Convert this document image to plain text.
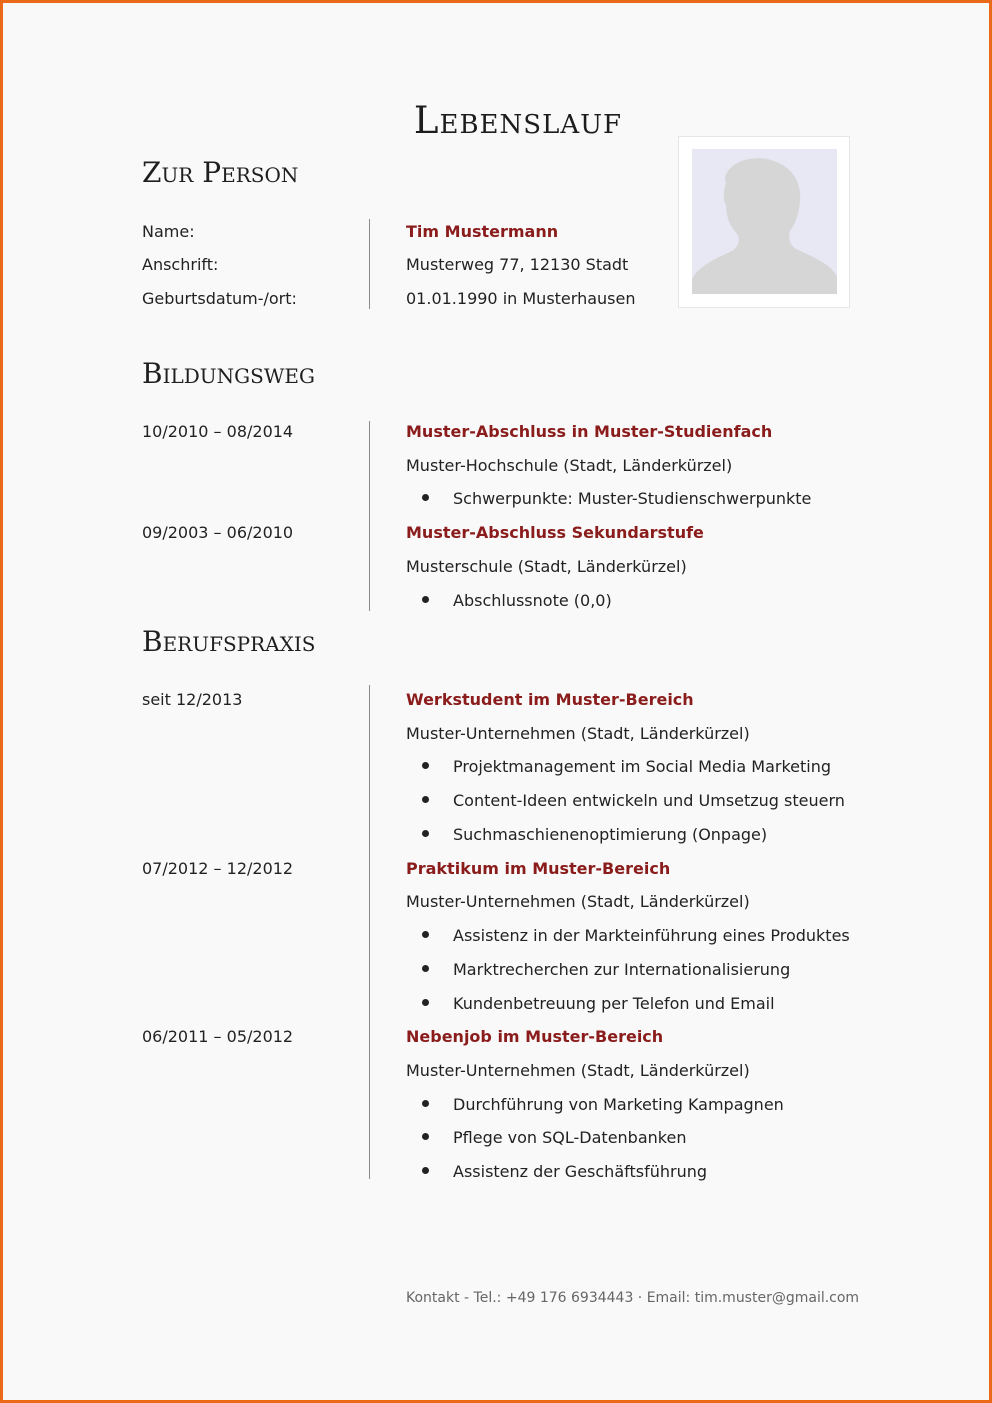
Lebenslauf
Zur Person
Name:	Tim Mustermann
Anschrift:	Musterweg 77, 12130 Stadt
Geburtsdatum-/ort:	01.01.1990 in Musterhausen
Bildungsweg
10/2010 – 08/2014	Muster-Abschluss in Muster-Studienfach
Muster-Hochschule (Stadt, Länderkürzel)
Schwerpunkte: Muster-Studienschwerpunkte
09/2003 – 06/2010	Muster-Abschluss Sekundarstufe
Musterschule (Stadt, Länderkürzel)
Abschlussnote (0,0)
Berufspraxis
seit 12/2013	Werkstudent im Muster-Bereich
Muster-Unternehmen (Stadt, Länderkürzel)
Projektmanagement im Social Media Marketing
Content-Ideen entwickeln und Umsetzug steuern
Suchmaschienenoptimierung (Onpage)
07/2012 – 12/2012	Praktikum im Muster-Bereich
Muster-Unternehmen (Stadt, Länderkürzel)
Assistenz in der Markteinführung eines Produktes
Marktrecherchen zur Internationalisierung
Kundenbetreuung per Telefon und Email
06/2011 – 05/2012	Nebenjob im Muster-Bereich
Muster-Unternehmen (Stadt, Länderkürzel)
Durchführung von Marketing Kampagnen
Pflege von SQL-Datenbanken
Assistenz der Geschäftsführung
Kontakt - Tel.: +49 176 6934443 · Email: tim.muster@gmail.com
